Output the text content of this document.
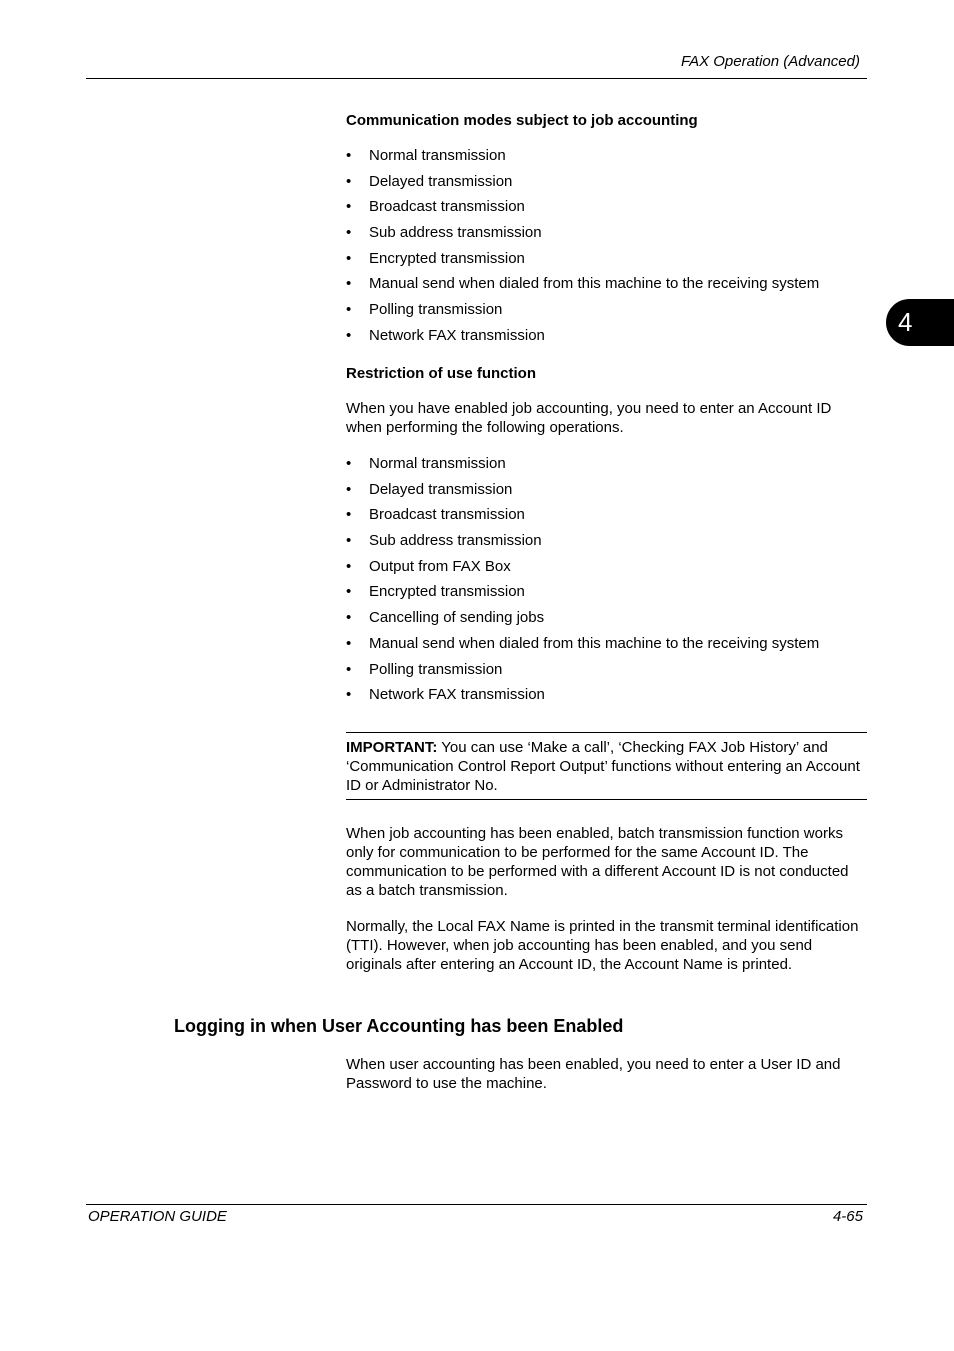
FAX Operation (Advanced)
4
Communication modes subject to job accounting
• Normal transmission
• Delayed transmission
• Broadcast transmission
• Sub address transmission
• Encrypted transmission
• Manual send when dialed from this machine to the receiving system
• Polling transmission
• Network FAX transmission
Restriction of use function

When you have enabled job accounting, you need to enter an Account ID when performing the following operations.

• Normal transmission
• Delayed transmission
• Broadcast transmission
• Sub address transmission
• Output from FAX Box
• Encrypted transmission
• Cancelling of sending jobs
• Manual send when dialed from this machine to the receiving system
• Polling transmission
• Network FAX transmission
IMPORTANT: You can use ‘Make a call’, ‘Checking FAX Job History’ and ‘Communication Control Report Output’ functions without entering an Account ID or Administrator No.

When job accounting has been enabled, batch transmission function works only for communication to be performed for the same Account ID. The communication to be performed with a different Account ID is not conducted as a batch transmission.

Normally, the Local FAX Name is printed in the transmit terminal identification (TTI). However, when job accounting has been enabled, and you send originals after entering an Account ID, the Account Name is printed.

Logging in when User Accounting has been Enabled

When user accounting has been enabled, you need to enter a User ID and Password to use the machine.

OPERATION GUIDE	4-65
